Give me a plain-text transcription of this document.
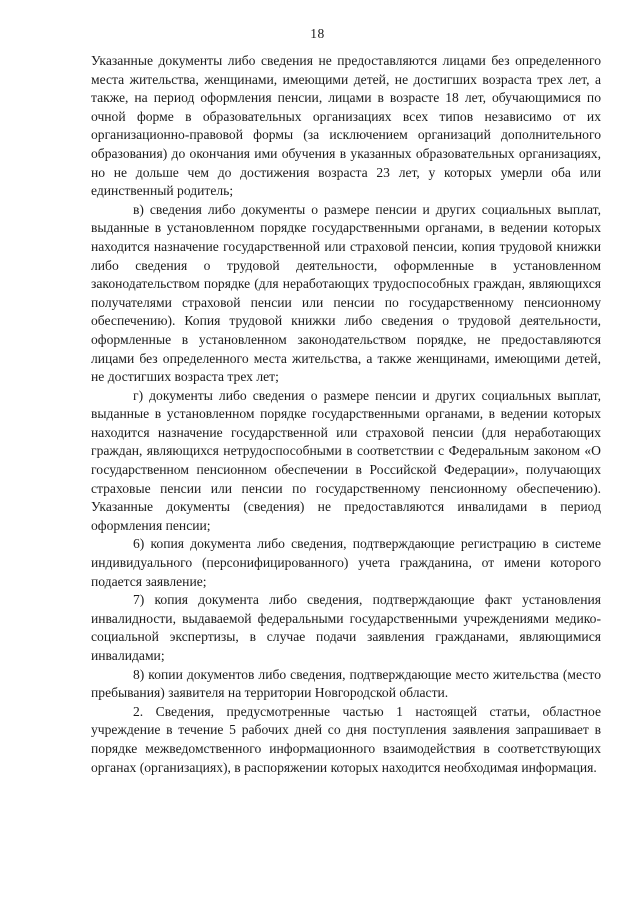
18

Указанные документы либо сведения не предоставляются лицами без определенного места жительства, женщинами, имеющими детей, не достигших возраста трех лет, а также, на период оформления пенсии, лицами в возрасте 18 лет, обучающимися по очной форме в образовательных организациях всех типов независимо от их организационно-правовой формы (за исключением организаций дополнительного образования) до окончания ими обучения в указанных образовательных организациях, но не дольше чем до достижения возраста 23 лет, у которых умерли оба или единственный родитель;

в) сведения либо документы о размере пенсии и других социальных выплат, выданные в установленном порядке государственными органами, в ведении которых находится назначение государственной или страховой пенсии, копия трудовой книжки либо сведения о трудовой деятельности, оформленные в установленном законодательством порядке (для неработающих трудоспособных граждан, являющихся получателями страховой пенсии или пенсии по государственному пенсионному обеспечению). Копия трудовой книжки либо сведения о трудовой деятельности, оформленные в установленном законодательством порядке, не предоставляются лицами без определенного места жительства, а также женщинами, имеющими детей, не достигших возраста трех лет;

г) документы либо сведения о размере пенсии и других социальных выплат, выданные в установленном порядке государственными органами, в ведении которых находится назначение государственной или страховой пенсии (для неработающих граждан, являющихся нетрудоспособными в соответствии с Федеральным законом «О государственном пенсионном обеспечении в Российской Федерации», получающих страховые пенсии или пенсии по государственному пенсионному обеспечению). Указанные документы (сведения) не предоставляются инвалидами в период оформления пенсии;

6) копия документа либо сведения, подтверждающие регистрацию в системе индивидуального (персонифицированного) учета гражданина, от имени которого подается заявление;

7) копия документа либо сведения, подтверждающие факт установления инвалидности, выдаваемой федеральными государственными учреждениями медико-социальной экспертизы, в случае подачи заявления гражданами, являющимися инвалидами;

8) копии документов либо сведения, подтверждающие место жительства (место пребывания) заявителя на территории Новгородской области.

2. Сведения, предусмотренные частью 1 настоящей статьи, областное учреждение в течение 5 рабочих дней со дня поступления заявления запрашивает в порядке межведомственного информационного взаимодействия в соответствующих органах (организациях), в распоряжении которых находится необходимая информация.
